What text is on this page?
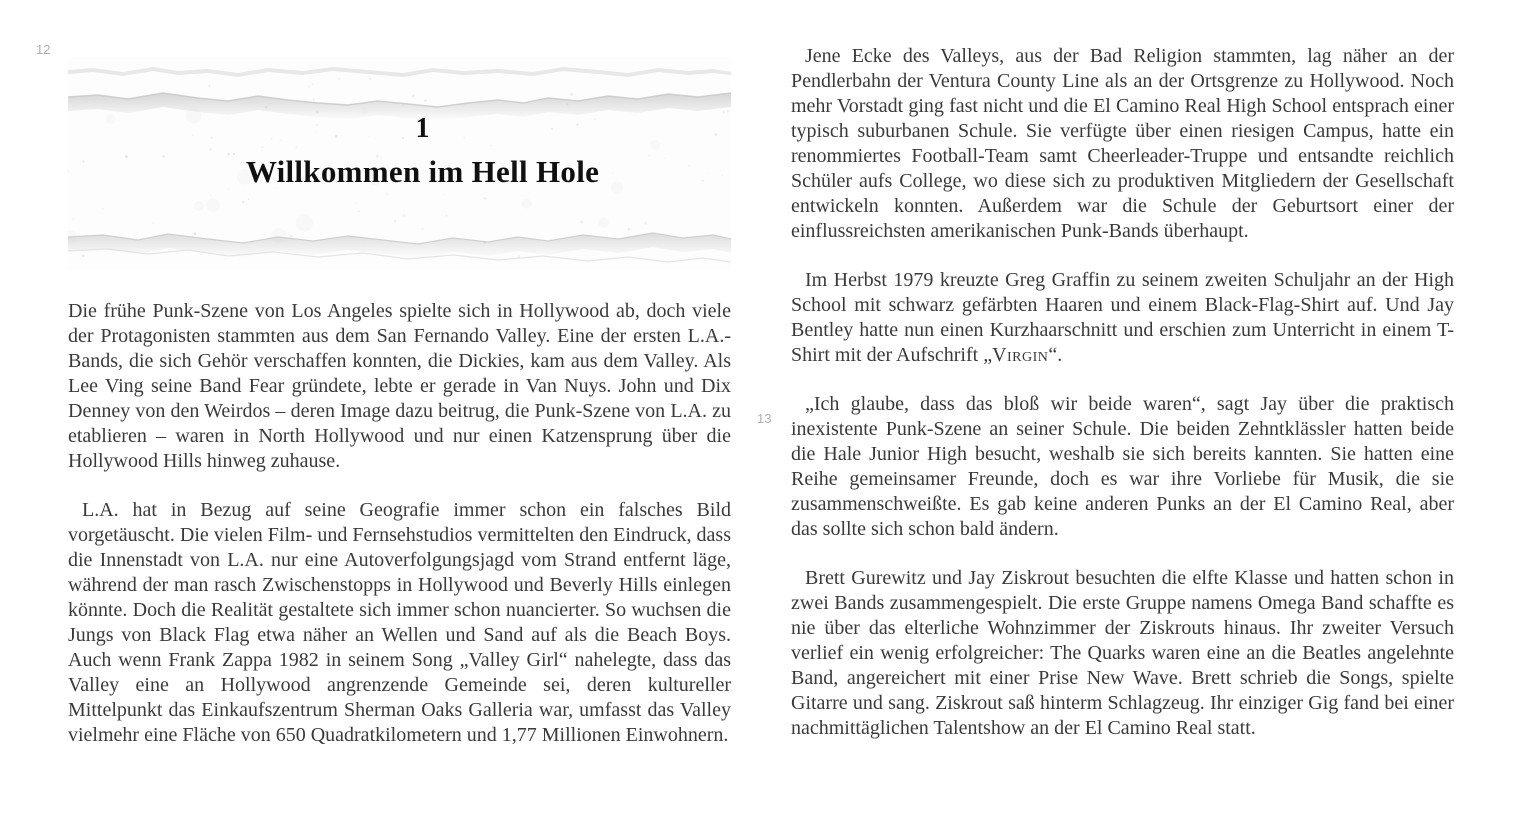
12
13
1
Willkommen im Hell Hole

Die frühe Punk-Szene von Los Angeles spielte sich in Hollywood ab, doch viele der Protagonisten stammten aus dem San Fernando Valley. Eine der ersten L.A.-Bands, die sich Gehör verschaffen konnten, die Dickies, kam aus dem Valley. Als Lee Ving seine Band Fear gründete, lebte er gerade in Van Nuys. John und Dix Denney von den Weirdos – deren Image dazu beitrug, die Punk-Szene von L.A. zu etablieren – waren in North Hollywood und nur einen Katzensprung über die Hollywood Hills hinweg zuhause.

L.A. hat in Bezug auf seine Geografie immer schon ein falsches Bild vorgetäuscht. Die vielen Film- und Fernsehstudios vermittelten den Eindruck, dass die Innenstadt von L.A. nur eine Autoverfolgungsjagd vom Strand entfernt läge, während der man rasch Zwischenstopps in Hollywood und Beverly Hills einlegen könnte. Doch die Realität gestaltete sich immer schon nuancierter. So wuchsen die Jungs von Black Flag etwa näher an Wellen und Sand auf als die Beach Boys. Auch wenn Frank Zappa 1982 in seinem Song „Valley Girl“ nahelegte, dass das Valley eine an Hollywood angrenzende Gemeinde sei, deren kultureller Mittelpunkt das Einkaufszentrum Sherman Oaks Galleria war, umfasst das Valley vielmehr eine Fläche von 650 Quadratkilometern und 1,77 Millionen Einwohnern.

Jene Ecke des Valleys, aus der Bad Religion stammten, lag näher an der Pendlerbahn der Ventura County Line als an der Ortsgrenze zu Hollywood. Noch mehr Vorstadt ging fast nicht und die El Camino Real High School entsprach einer typisch suburbanen Schule. Sie verfügte über einen riesigen Campus, hatte ein renommiertes Football-Team samt Cheerleader-Truppe und entsandte reichlich Schüler aufs College, wo diese sich zu produktiven Mitgliedern der Gesellschaft entwickeln konnten. Außerdem war die Schule der Geburtsort einer der einflussreichsten amerikanischen Punk-Bands überhaupt.

Im Herbst 1979 kreuzte Greg Graffin zu seinem zweiten Schuljahr an der High School mit schwarz gefärbten Haaren und einem Black-Flag-Shirt auf. Und Jay Bentley hatte nun einen Kurzhaarschnitt und erschien zum Unterricht in einem T-Shirt mit der Aufschrift „Virgin“.

„Ich glaube, dass das bloß wir beide waren“, sagt Jay über die praktisch inexistente Punk-Szene an seiner Schule. Die beiden Zehntklässler hatten beide die Hale Junior High besucht, weshalb sie sich bereits kannten. Sie hatten eine Reihe gemeinsamer Freunde, doch es war ihre Vorliebe für Musik, die sie zusammenschweißte. Es gab keine anderen Punks an der El Camino Real, aber das sollte sich schon bald ändern.

Brett Gurewitz und Jay Ziskrout besuchten die elfte Klasse und hatten schon in zwei Bands zusammengespielt. Die erste Gruppe namens Omega Band schaffte es nie über das elterliche Wohnzimmer der Ziskrouts hinaus. Ihr zweiter Versuch verlief ein wenig erfolgreicher: The Quarks waren eine an die Beatles angelehnte Band, angereichert mit einer Prise New Wave. Brett schrieb die Songs, spielte Gitarre und sang. Ziskrout saß hinterm Schlagzeug. Ihr einziger Gig fand bei einer nachmittäglichen Talentshow an der El Camino Real statt.
